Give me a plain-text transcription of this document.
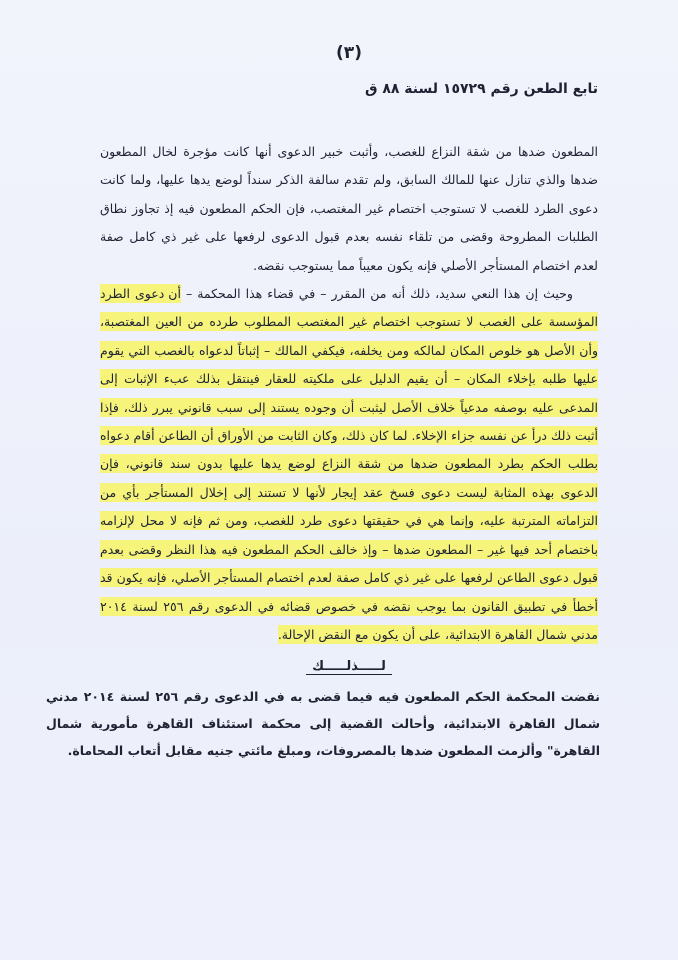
(٣)

تابع الطعن رقم ١٥٧٢٩ لسنة ٨٨ ق

المطعون ضدها من شقة النزاع للغصب، وأثبت خبير الدعوى أنها كانت مؤجرة لخال المطعون ضدها والذي تنازل عنها للمالك السابق، ولم تقدم سالفة الذكر سنداً لوضع يدها عليها، ولما كانت دعوى الطرد للغصب لا تستوجب اختصام غير المغتصب، فإن الحكم المطعون فيه إذ تجاوز نطاق الطلبات المطروحة وقضى من تلقاء نفسه بعدم قبول الدعوى لرفعها على غير ذي كامل صفة لعدم اختصام المستأجر الأصلي فإنه يكون معيباً مما يستوجب نقضه.

وحيث إن هذا النعي سديد، ذلك أنه من المقرر – في قضاء هذا المحكمة – أن دعوى الطرد المؤسسة على الغصب لا تستوجب اختصام غير المغتصب المطلوب طرده من العين المغتصبة، وأن الأصل هو خلوص المكان لمالكه ومن يخلفه، فيكفي المالك – إثباتاً لدعواه بالغصب التي يقوم عليها طلبه بإخلاء المكان – أن يقيم الدليل على ملكيته للعقار فينتقل بذلك عبء الإثبات إلى المدعى عليه بوصفه مدعياً خلاف الأصل ليثبت أن وجوده يستند إلى سبب قانوني يبرر ذلك، فإذا أثبت ذلك درأ عن نفسه جزاء الإخلاء. لما كان ذلك، وكان الثابت من الأوراق أن الطاعن أقام دعواه بطلب الحكم بطرد المطعون ضدها من شقة النزاع لوضع يدها عليها بدون سند قانوني، فإن الدعوى بهذه المثابة ليست دعوى فسخ عقد إيجار لأنها لا تستند إلى إخلال المستأجر بأي من التزاماته المترتبة عليه، وإنما هي في حقيقتها دعوى طرد للغصب، ومن ثم فإنه لا محل لإلزامه باختصام أحد فيها غير – المطعون ضدها – وإذ خالف الحكم المطعون فيه هذا النظر وقضى بعدم قبول دعوى الطاعن لرفعها على غير ذي كامل صفة لعدم اختصام المستأجر الأصلي، فإنه يكون قد أخطأ في تطبيق القانون بما يوجب نقضه في خصوص قضائه في الدعوى رقم ٢٥٦ لسنة ٢٠١٤ مدني شمال القاهرة الابتدائية، على أن يكون مع النقض الإحالة.

لـــــذلـــــك

نقضت المحكمة الحكم المطعون فيه فيما قضى به في الدعوى رقم ٢٥٦ لسنة ٢٠١٤ مدني شمال القاهرة الابتدائية، وأحالت القضية إلى محكمة استئناف القاهرة مأمورية شمال القاهرة" وألزمت المطعون ضدها بالمصروفات، ومبلغ مائتي جنيه مقابل أتعاب المحاماة.
